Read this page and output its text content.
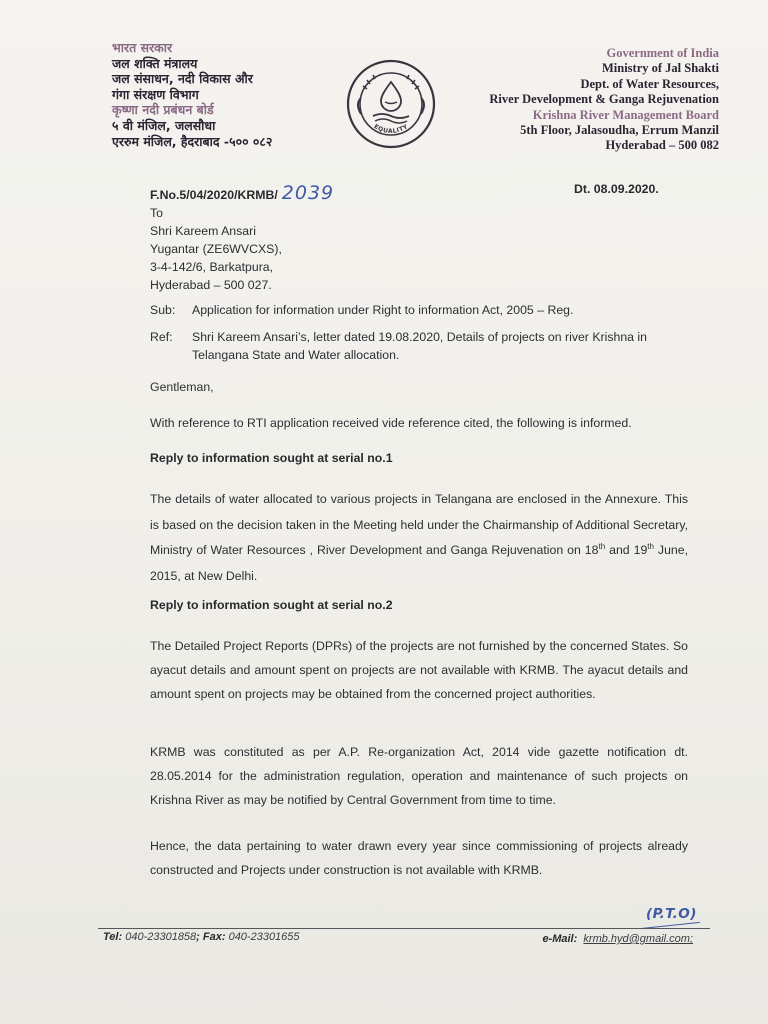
भारत सरकार
जल शक्ति मंत्रालय
जल संसाधन, नदी विकास और
गंगा संरक्षण विभाग
कृष्णा नदी प्रबंधन बोर्ड
५ वी मंजिल, जलसौधा
एररुम मंजिल, हैदराबाद -५०० ०८२
EQUALITY
Government of India
Ministry of Jal Shakti
Dept. of Water Resources,
River Development & Ganga Rejuvenation
Krishna River Management Board
5th Floor, Jalasoudha, Errum Manzil
Hyderabad – 500 082
F.No.5/04/2020/KRMB/ 2039	Dt. 08.09.2020.
To
Shri Kareem Ansari
Yugantar (ZE6WVCXS),
3-4-142/6, Barkatpura,
Hyderabad – 500 027.
Sub:	Application for information under Right to information Act, 2005 – Reg.
Ref:	Shri Kareem Ansari’s, letter dated 19.08.2020, Details of projects on river Krishna in Telangana State and Water allocation.
Gentleman,
With reference to RTI application received vide reference cited, the following is informed.
Reply to information sought at serial no.1
The details of water allocated to various projects in Telangana are enclosed in the Annexure. This is based on the decision taken in the Meeting held under the Chairmanship of Additional Secretary, Ministry of Water Resources , River Development and Ganga Rejuvenation on 18th and 19th June, 2015, at New Delhi.
Reply to information sought at serial no.2
The Detailed Project Reports (DPRs) of the projects are not furnished by the concerned States. So ayacut details and amount spent on projects are not available with KRMB. The ayacut details and amount spent on projects may be obtained from the concerned project authorities.
KRMB was constituted as per A.P. Re-organization Act, 2014 vide gazette notification dt. 28.05.2014 for the administration regulation, operation and maintenance of such projects on Krishna River as may be notified by Central Government from time to time.
Hence, the data pertaining to water drawn every year since commissioning of projects already constructed and Projects under construction is not available with KRMB.
(P.T.O)
Tel: 040-23301858; Fax: 040-23301655	e-Mail: krmb.hyd@gmail.com;
